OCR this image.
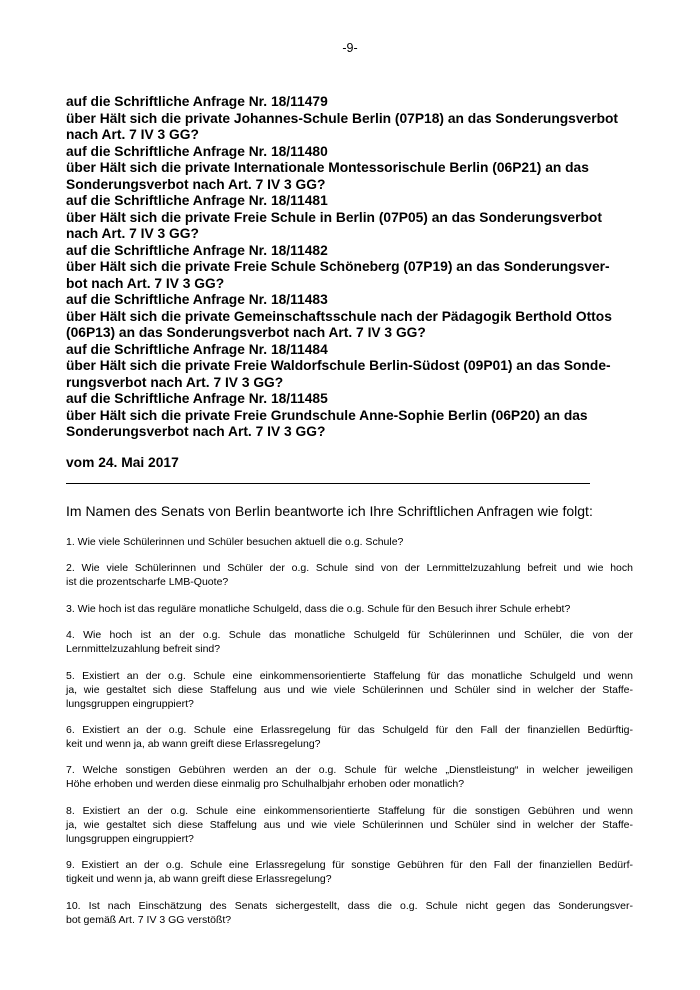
-9-
auf die Schriftliche Anfrage Nr. 18/11479
über Hält sich die private Johannes-Schule Berlin (07P18) an das Sonderungsverbot
nach Art. 7 IV 3 GG?
auf die Schriftliche Anfrage Nr. 18/11480
über Hält sich die private Internationale Montessorischule Berlin (06P21) an das
Sonderungsverbot nach Art. 7 IV 3 GG?
auf die Schriftliche Anfrage Nr. 18/11481
über Hält sich die private Freie Schule in Berlin (07P05) an das Sonderungsverbot
nach Art. 7 IV 3 GG?
auf die Schriftliche Anfrage Nr. 18/11482
über Hält sich die private Freie Schule Schöneberg (07P19) an das Sonderungsver-
bot nach Art. 7 IV 3 GG?
auf die Schriftliche Anfrage Nr. 18/11483
über Hält sich die private Gemeinschaftsschule nach der Pädagogik Berthold Ottos
(06P13) an das Sonderungsverbot nach Art. 7 IV 3 GG?
auf die Schriftliche Anfrage Nr. 18/11484
über Hält sich die private Freie Waldorfschule Berlin-Südost (09P01) an das Sonde-
rungsverbot nach Art. 7 IV 3 GG?
auf die Schriftliche Anfrage Nr. 18/11485
über Hält sich die private Freie Grundschule Anne-Sophie Berlin (06P20) an das
Sonderungsverbot nach Art. 7 IV 3 GG?
vom 24. Mai 2017
Im Namen des Senats von Berlin beantworte ich Ihre Schriftlichen Anfragen wie folgt:
1. Wie viele Schülerinnen und Schüler besuchen aktuell die o.g. Schule?
2. Wie viele Schülerinnen und Schüler der o.g. Schule sind von der Lernmittelzuzahlung befreit und wie hoch
ist die prozentscharfe LMB-Quote?
3. Wie hoch ist das reguläre monatliche Schulgeld, dass die o.g. Schule für den Besuch ihrer Schule erhebt?
4. Wie hoch ist an der o.g. Schule das monatliche Schulgeld für Schülerinnen und Schüler, die von der
Lernmittelzuzahlung befreit sind?
5. Existiert an der o.g. Schule eine einkommensorientierte Staffelung für das monatliche Schulgeld und wenn
ja, wie gestaltet sich diese Staffelung aus und wie viele Schülerinnen und Schüler sind in welcher der Staffe-
lungsgruppen eingruppiert?
6. Existiert an der o.g. Schule eine Erlassregelung für das Schulgeld für den Fall der finanziellen Bedürftig-
keit und wenn ja, ab wann greift diese Erlassregelung?
7. Welche sonstigen Gebühren werden an der o.g. Schule für welche „Dienstleistung“ in welcher jeweiligen
Höhe erhoben und werden diese einmalig pro Schulhalbjahr erhoben oder monatlich?
8. Existiert an der o.g. Schule eine einkommensorientierte Staffelung für die sonstigen Gebühren und wenn
ja, wie gestaltet sich diese Staffelung aus und wie viele Schülerinnen und Schüler sind in welcher der Staffe-
lungsgruppen eingruppiert?
9. Existiert an der o.g. Schule eine Erlassregelung für sonstige Gebühren für den Fall der finanziellen Bedürf-
tigkeit und wenn ja, ab wann greift diese Erlassregelung?
10. Ist nach Einschätzung des Senats sichergestellt, dass die o.g. Schule nicht gegen das Sonderungsver-
bot gemäß Art. 7 IV 3 GG verstößt?
